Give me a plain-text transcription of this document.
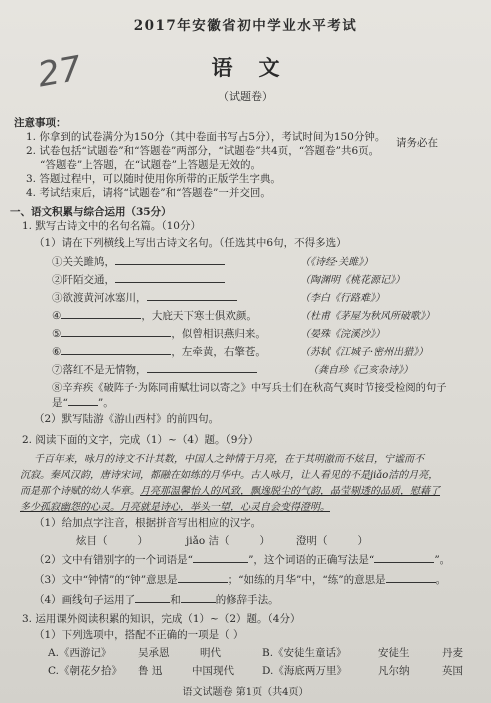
2017年安徽省初中学业水平考试
27	语文
（试题卷）
注意事项：
1. 你拿到的试卷满分为150分（其中卷面书写占5分），考试时间为150分钟。
2. 试卷包括“试题卷”和“答题卷”两部分，“试题卷”共4页，“答题卷”共6页。
请务必在
“答题卷”上答题，在“试题卷”上答题是无效的。
3. 答题过程中，可以随时使用你所带的正版学生字典。
4. 考试结束后，请将“试题卷”和“答题卷”一并交回。
一、语文积累与综合运用（35分）
1. 默写古诗文中的名句名篇。（10分）
（1）请在下列横线上写出古诗文名句。（任选其中6句，不得多选）
①关关雎鸠，	（《诗经·关雎》）
②阡陌交通，	（陶渊明《桃花源记》）
③欲渡黄河冰塞川，	（李白《行路难》）
④	，大庇天下寒士俱欢颜。	（杜甫《茅屋为秋风所破歌》）
⑤	，似曾相识燕归来。	（晏殊《浣溪沙》）
⑥	，左牵黄，右擎苍。	（苏轼《江城子·密州出猎》）
⑦落红不是无情物，	（龚自珍《己亥杂诗》）
⑧辛弃疾《破阵子·为陈同甫赋壮词以寄之》中写兵士们在秋高气爽时节接受检阅的句子
是“	”。
（2）默写陆游《游山西村》的前四句。
2. 阅读下面的文字，完成（1）~（4）题。（9分）
千百年来，咏月的诗文不计其数，中国人之钟情于月亮，在于其明澈而不炫目，宁谧而不
沉寂。秦风汉韵，唐诗宋词，都融在如练的月华中。古人咏月，让人看见的不是jiǎo洁的月亮，
而是那个诗赋的幼人华章。月亮那温馨怡人的风致，飘逸脱尘的气韵，晶莹剔透的品质，慰藉了
多少孤寂幽怨的心灵。月亮就是诗心，举头一望，心灵自会变得澄明。
（1）给加点字注音，根据拼音写出相应的汉字。
炫目（	）	jiǎo 洁（	） 澄明（	）
（2）文中有错别字的一个词语是“	”，这个词语的正确写法是“	”。
（3）文中“钟情”的“钟”意思是	；“如练的月华”中，“练”的意思是	。
（4）画线句子运用了	和	的修辞手法。
3. 运用课外阅读积累的知识，完成（1）~（2）题。（4分）
（1）下列选项中，搭配不正确的一项是（ ）
A.《西游记》	吴承恩	明代	B.《安徒生童话》	安徒生	丹麦
C.《朝花夕拾》 鲁 迅	中国现代	D.《海底两万里》	凡尔纳	英国
语文试题卷 第1页（共4页）
